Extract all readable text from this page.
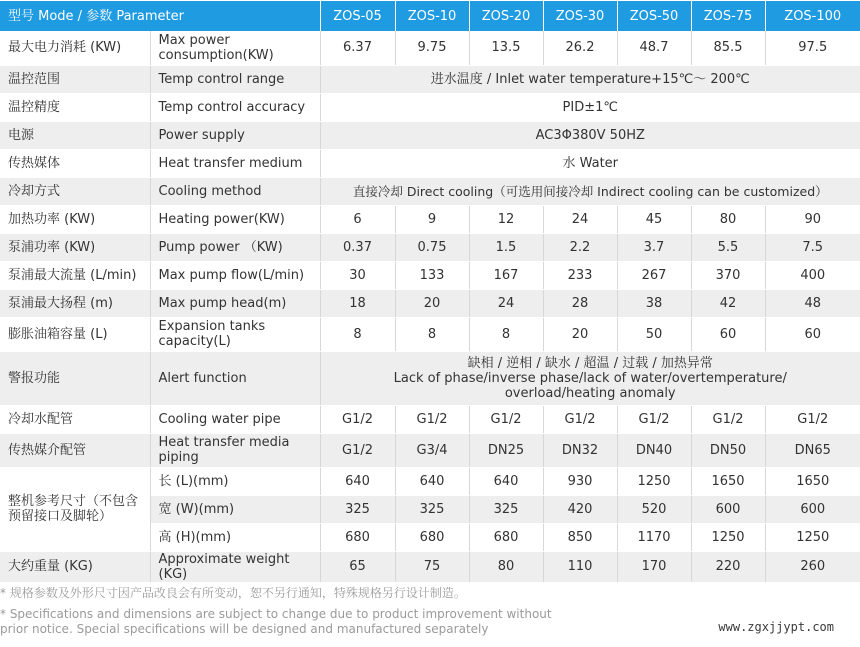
型号 Mode / 参数 Parameter		ZOS-05	ZOS-10	ZOS-20	ZOS-30	ZOS-50	ZOS-75	ZOS-100
最大电力消耗 (KW)	Max power consumption(KW)	6.37	9.75	13.5	26.2	48.7	85.5	97.5
温控范围	Temp control range	进水温度 / Inlet water temperature+15℃～ 200℃						
温控精度	Temp control accuracy	PID±1℃						
电源	Power supply	AC3Φ380V 50HZ						
传热媒体	Heat transfer medium	水 Water						
冷却方式	Cooling method	直接冷却 Direct cooling（可选用间接冷却 Indirect cooling can be customized）						
加热功率 (KW)	Heating power(KW)	6	9	12	24	45	80	90
泵浦功率 (KW)	Pump power （KW)	0.37	0.75	1.5	2.2	3.7	5.5	7.5
泵浦最大流量 (L/min)	Max pump flow(L/min)	30	133	167	233	267	370	400
泵浦最大扬程 (m)	Max pump head(m)	18	20	24	28	38	42	48
膨胀油箱容量 (L)	Expansion tanks capacity(L)	8	8	8	20	50	60	60
警报功能	Alert function	缺相 / 逆相 / 缺水 / 超温 / 过载 / 加热异常
Lack of phase/inverse phase/lack of water/overtemperature/
overload/heating anomaly						

冷却水配管	Cooling water pipe	G1/2	G1/2	G1/2	G1/2	G1/2	G1/2	G1/2
传热媒介配管	Heat transfer media piping	G1/2	G3/4	DN25	DN32	DN40	DN50	DN65
整机参考尺寸（不包含预留接口及脚轮）	长 (L)(mm)	640	640	640	930	1250	1650	1650
	宽 (W)(mm)	325	325	325	420	520	600	600
	高 (H)(mm)	680	680	680	850	1170	1250	1250
大约重量 (KG)	Approximate weight (KG)	65	75	80	110	170	220	260
* 规格参数及外形尺寸因产品改良会有所变动，恕不另行通知，特殊规格另行设计制造。
* Specifications and dimensions are subject to change due to product improvement without prior notice. Special specifications will be designed and manufactured separately	www.zgxjjypt.com
